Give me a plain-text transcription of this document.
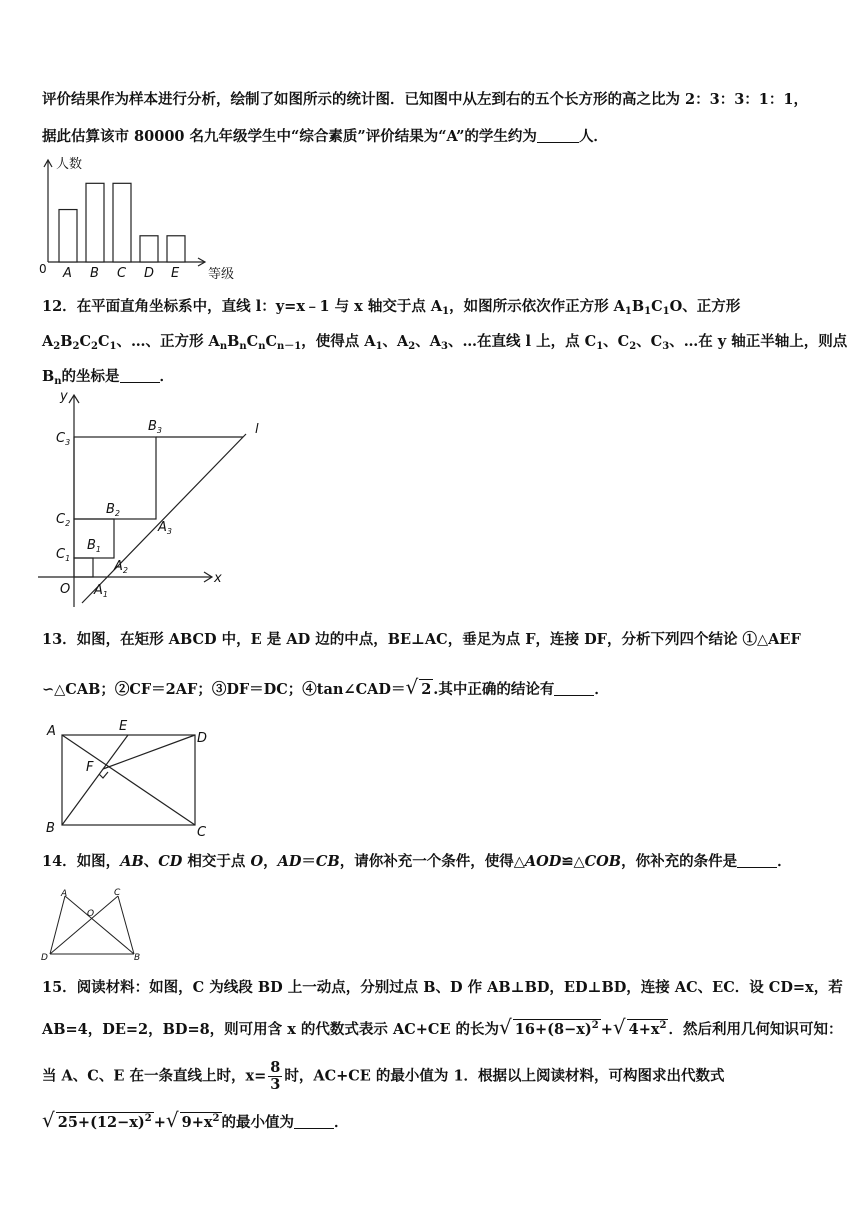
评价结果作为样本进行分析，绘制了如图所示的统计图．已知图中从左到右的五个长方形的高之比为 2：3：3：1：1，
据此估算该市 80000 名九年级学生中“综合素质”评价结果为“A”的学生约为	人．
人数
等级
0 A B C D E
12．在平面直角坐标系中，直线 l：y=x﹣1 与 x 轴交于点 $A_1$，如图所示依次作正方形 $A_1B_1C_1O$、正方形
$A_2B_2C_2C_1$、…、正方形 $A_nB_nC_nC_{n-1}$，使得点 $A_1$、$A_2$、$A_3$、…在直线 l 上，点 $C_1$、$C_2$、$C_3$、…在 y 轴正半轴上，则点
$B_n$的坐标是	．
y
x
O
l
$C_3$
$C_2$
$C_1$
$B_3$
$B_2$
$B_1$
$A_3$
$A_2$
$A_1$
13．如图，在矩形 ABCD 中，E 是 AD 边的中点，BE⊥AC，垂足为点 F，连接 DF，分析下列四个结论 ①△AEF
∽△CAB；②CF＝2AF；③DF＝DC；④tan∠CAD＝√ 2 .其中正确的结论有	．
A
B	C
D
E
F
14．如图，AB、CD 相交于点 O，AD＝CB，请你补充一个条件，使得△AOD≌△COB，你补充的条件是	．
A
B
C
D
O
15．阅读材料：如图，C 为线段 BD 上一动点，分别过点 B、D 作 AB⊥BD，ED⊥BD，连接 AC、EC．设 CD=x，若
AB=4，DE=2，BD=8，则可用含 x 的代数式表示 AC+CE 的长为√ $16+(8-x)^2$ +√ $4+x^2$ ．然后利用几何知识可知：
当 A、C、E 在一条直线上时，$x= \frac{8}{3}$ 时，AC+CE 的最小值为 1．根据以上阅读材料，可构图求出代数式
√ $25+(12-x)^2$ +√ $9+x^2$ 的最小值为	．
